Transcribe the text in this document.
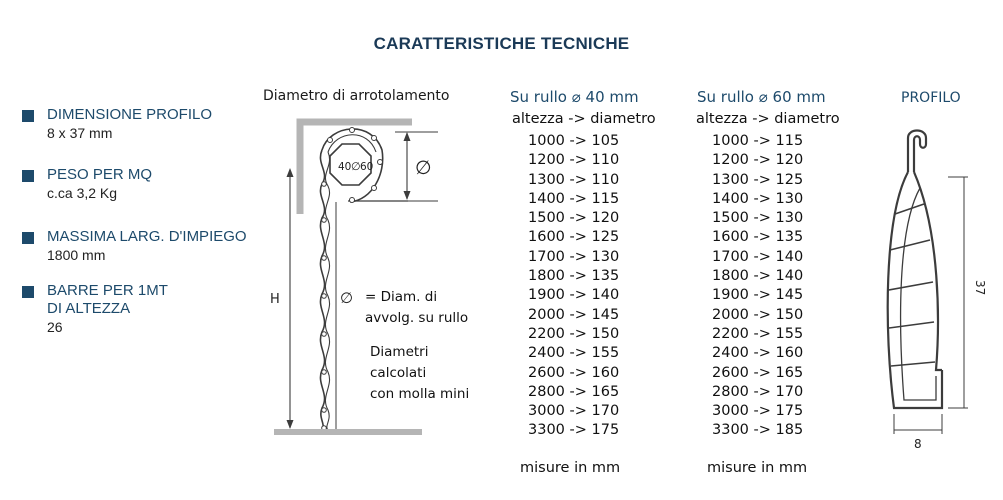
CARATTERISTICHE TECNICHE
DIMENSIONE PROFILO
8 x 37 mm
PESO PER MQ
c.ca 3,2 Kg
MASSIMA LARG. D'IMPIEGO
1800 mm
BARRE PER 1MT
DI ALTEZZA
26
Diametro di arrotolamento
40 60
∅
H
∅
∅ = Diam. di
avvolg. su rullo
Diametri
calcolati
con molla mini
Su rullo ⌀ 40 mm
altezza -> diametro
1000 -> 105
1200 -> 110
1300 -> 110
1400 -> 115
1500 -> 120
1600 -> 125
1700 -> 130
1800 -> 135
1900 -> 140
2000 -> 145
2200 -> 150
2400 -> 155
2600 -> 160
2800 -> 165
3000 -> 170
3300 -> 175
misure in mm
Su rullo ⌀ 60 mm
altezza -> diametro
1000 -> 115
1200 -> 120
1300 -> 125
1400 -> 130
1500 -> 130
1600 -> 135
1700 -> 140
1800 -> 140
1900 -> 145
2000 -> 150
2200 -> 155
2400 -> 160
2600 -> 165
2800 -> 170
3000 -> 175
3300 -> 185
misure in mm
PROFILO
37
8
